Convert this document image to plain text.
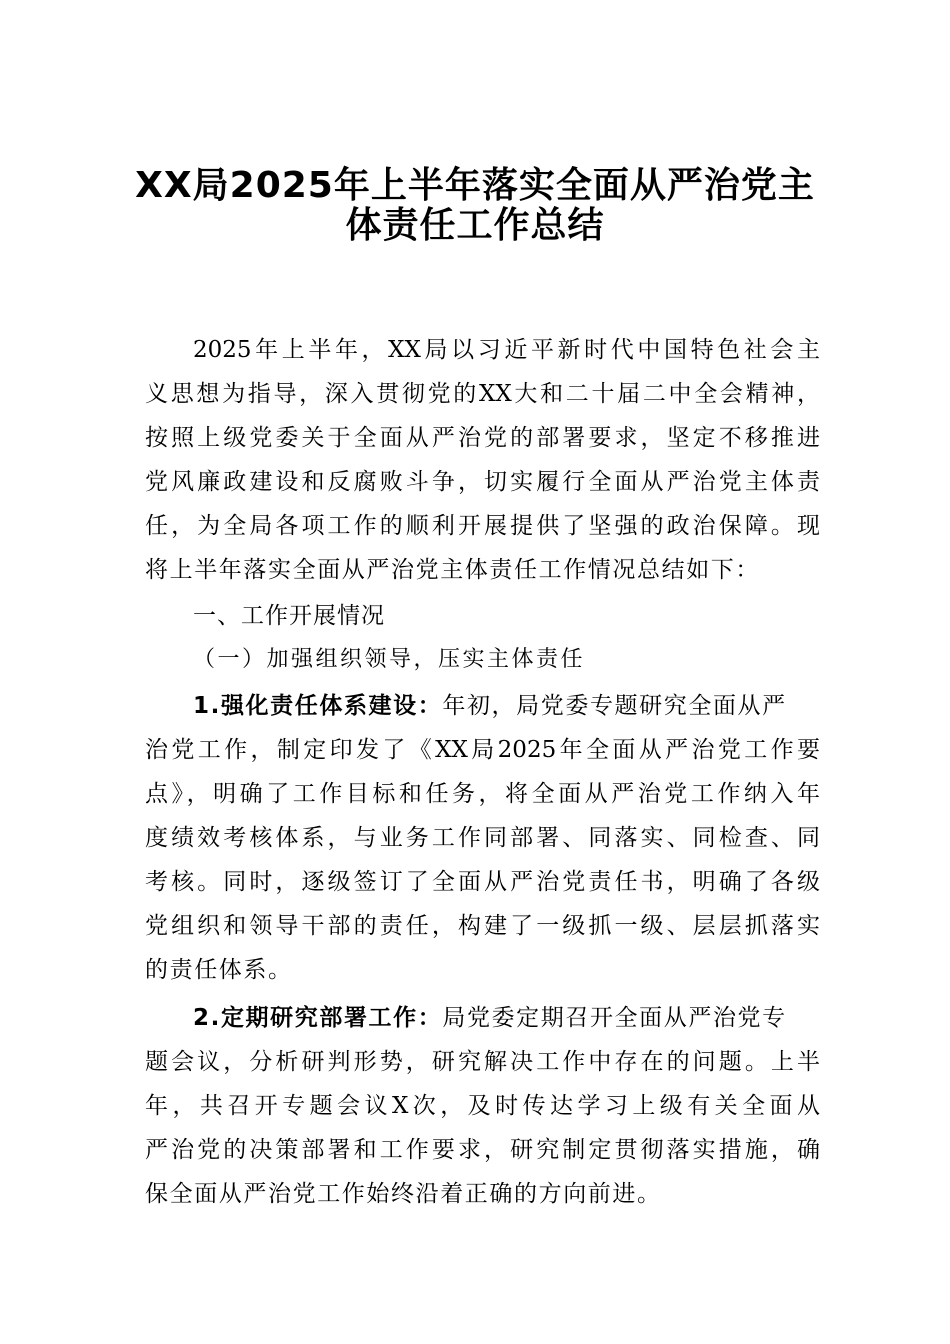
XX局2025年上半年落实全面从严治党主
体责任工作总结
2025年上半年，XX局以习近平新时代中国特色社会主
义思想为指导，深入贯彻党的XX大和二十届二中全会精神，
按照上级党委关于全面从严治党的部署要求，坚定不移推进
党风廉政建设和反腐败斗争，切实履行全面从严治党主体责
任，为全局各项工作的顺利开展提供了坚强的政治保障。现
将上半年落实全面从严治党主体责任工作情况总结如下：
一、工作开展情况
（一）加强组织领导，压实主体责任
1.强化责任体系建设：年初，局党委专题研究全面从严
治党工作，制定印发了《XX局2025年全面从严治党工作要
点》，明确了工作目标和任务，将全面从严治党工作纳入年
度绩效考核体系，与业务工作同部署、同落实、同检查、同
考核。同时，逐级签订了全面从严治党责任书，明确了各级
党组织和领导干部的责任，构建了一级抓一级、层层抓落实
的责任体系。
2.定期研究部署工作：局党委定期召开全面从严治党专
题会议，分析研判形势，研究解决工作中存在的问题。上半
年，共召开专题会议X次，及时传达学习上级有关全面从
严治党的决策部署和工作要求，研究制定贯彻落实措施，确
保全面从严治党工作始终沿着正确的方向前进。
